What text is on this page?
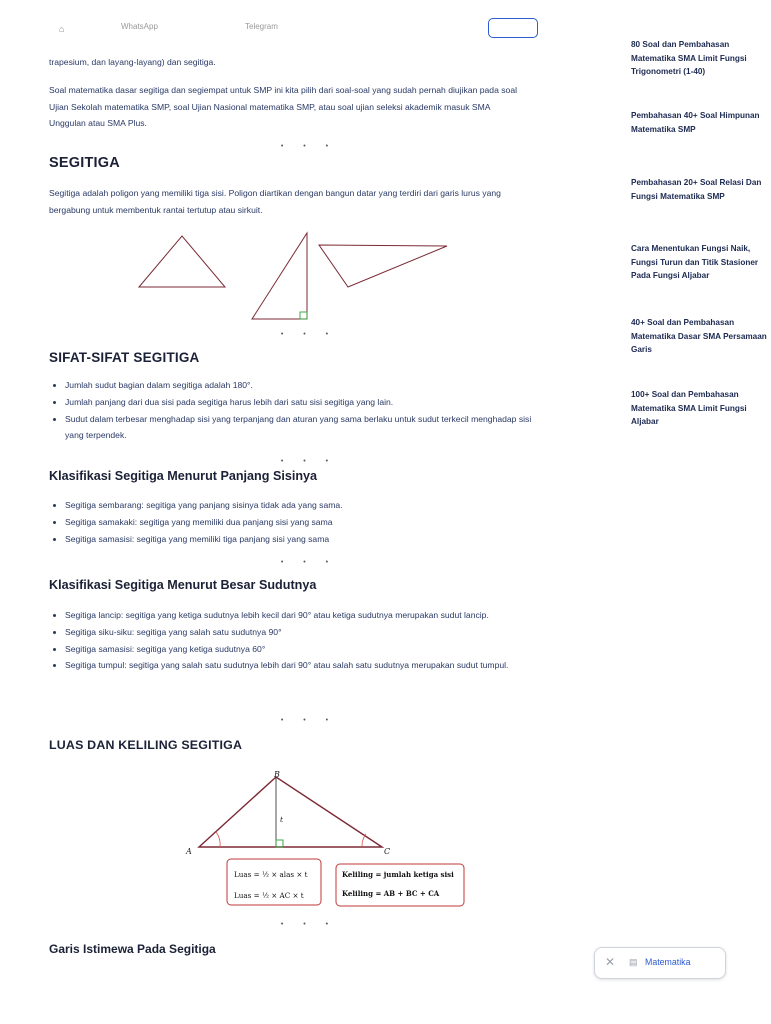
⌂	WhatsApp	Telegram

trapesium, dan layang-layang) dan segitiga.

Soal matematika dasar segitiga dan segiempat untuk SMP ini kita pilih dari soal-soal yang sudah pernah diujikan pada soal Ujian Sekolah matematika SMP, soal Ujian Nasional matematika SMP, atau soal ujian seleksi akademik masuk SMA Unggulan atau SMA Plus.

• • •
SEGITIGA

Segitiga adalah poligon yang memiliki tiga sisi. Poligon diartikan dengan bangun datar yang terdiri dari garis lurus yang bergabung untuk membentuk rantai tertutup atau sirkuit.

• • •
SIFAT-SIFAT SEGITIGA
• Jumlah sudut bagian dalam segitiga adalah 180°.
• Jumlah panjang dari dua sisi pada segitiga harus lebih dari satu sisi segitiga yang lain.
• Sudut dalam terbesar menghadap sisi yang terpanjang dan aturan yang sama berlaku untuk sudut terkecil menghadap sisi yang terpendek.
• • •
Klasifikasi Segitiga Menurut Panjang Sisinya
• Segitiga sembarang: segitiga yang panjang sisinya tidak ada yang sama.
• Segitiga samakaki: segitiga yang memiliki dua panjang sisi yang sama
• Segitiga samasisi: segitiga yang memiliki tiga panjang sisi yang sama
• • •
Klasifikasi Segitiga Menurut Besar Sudutnya
• Segitiga lancip: segitiga yang ketiga sudutnya lebih kecil dari 90° atau ketiga sudutnya merupakan sudut lancip.
• Segitiga siku-siku: segitiga yang salah satu sudutnya 90°
• Segitiga samasisi: segitiga yang ketiga sudutnya 60°
• Segitiga tumpul: segitiga yang salah satu sudutnya lebih dari 90° atau salah satu sudutnya merupakan sudut tumpul.
• • •
LUAS DAN KELILING SEGITIGA
A
B
C
t
Luas = ½ × alas × t
Luas = ½ × AC × t
Keliling = jumlah ketiga sisi
Keliling = AB + BC + CA
• • •
Garis Istimewa Pada Segitiga
80 Soal dan Pembahasan Matematika SMA Limit Fungsi Trigonometri (1-40)
Pembahasan 40+ Soal Himpunan Matematika SMP
Pembahasan 20+ Soal Relasi Dan Fungsi Matematika SMP
Cara Menentukan Fungsi Naik, Fungsi Turun dan Titik Stasioner Pada Fungsi Aljabar
40+ Soal dan Pembahasan Matematika Dasar SMA Persamaan Garis
100+ Soal dan Pembahasan Matematika SMA Limit Fungsi Aljabar
✕ ▤ Matematika
